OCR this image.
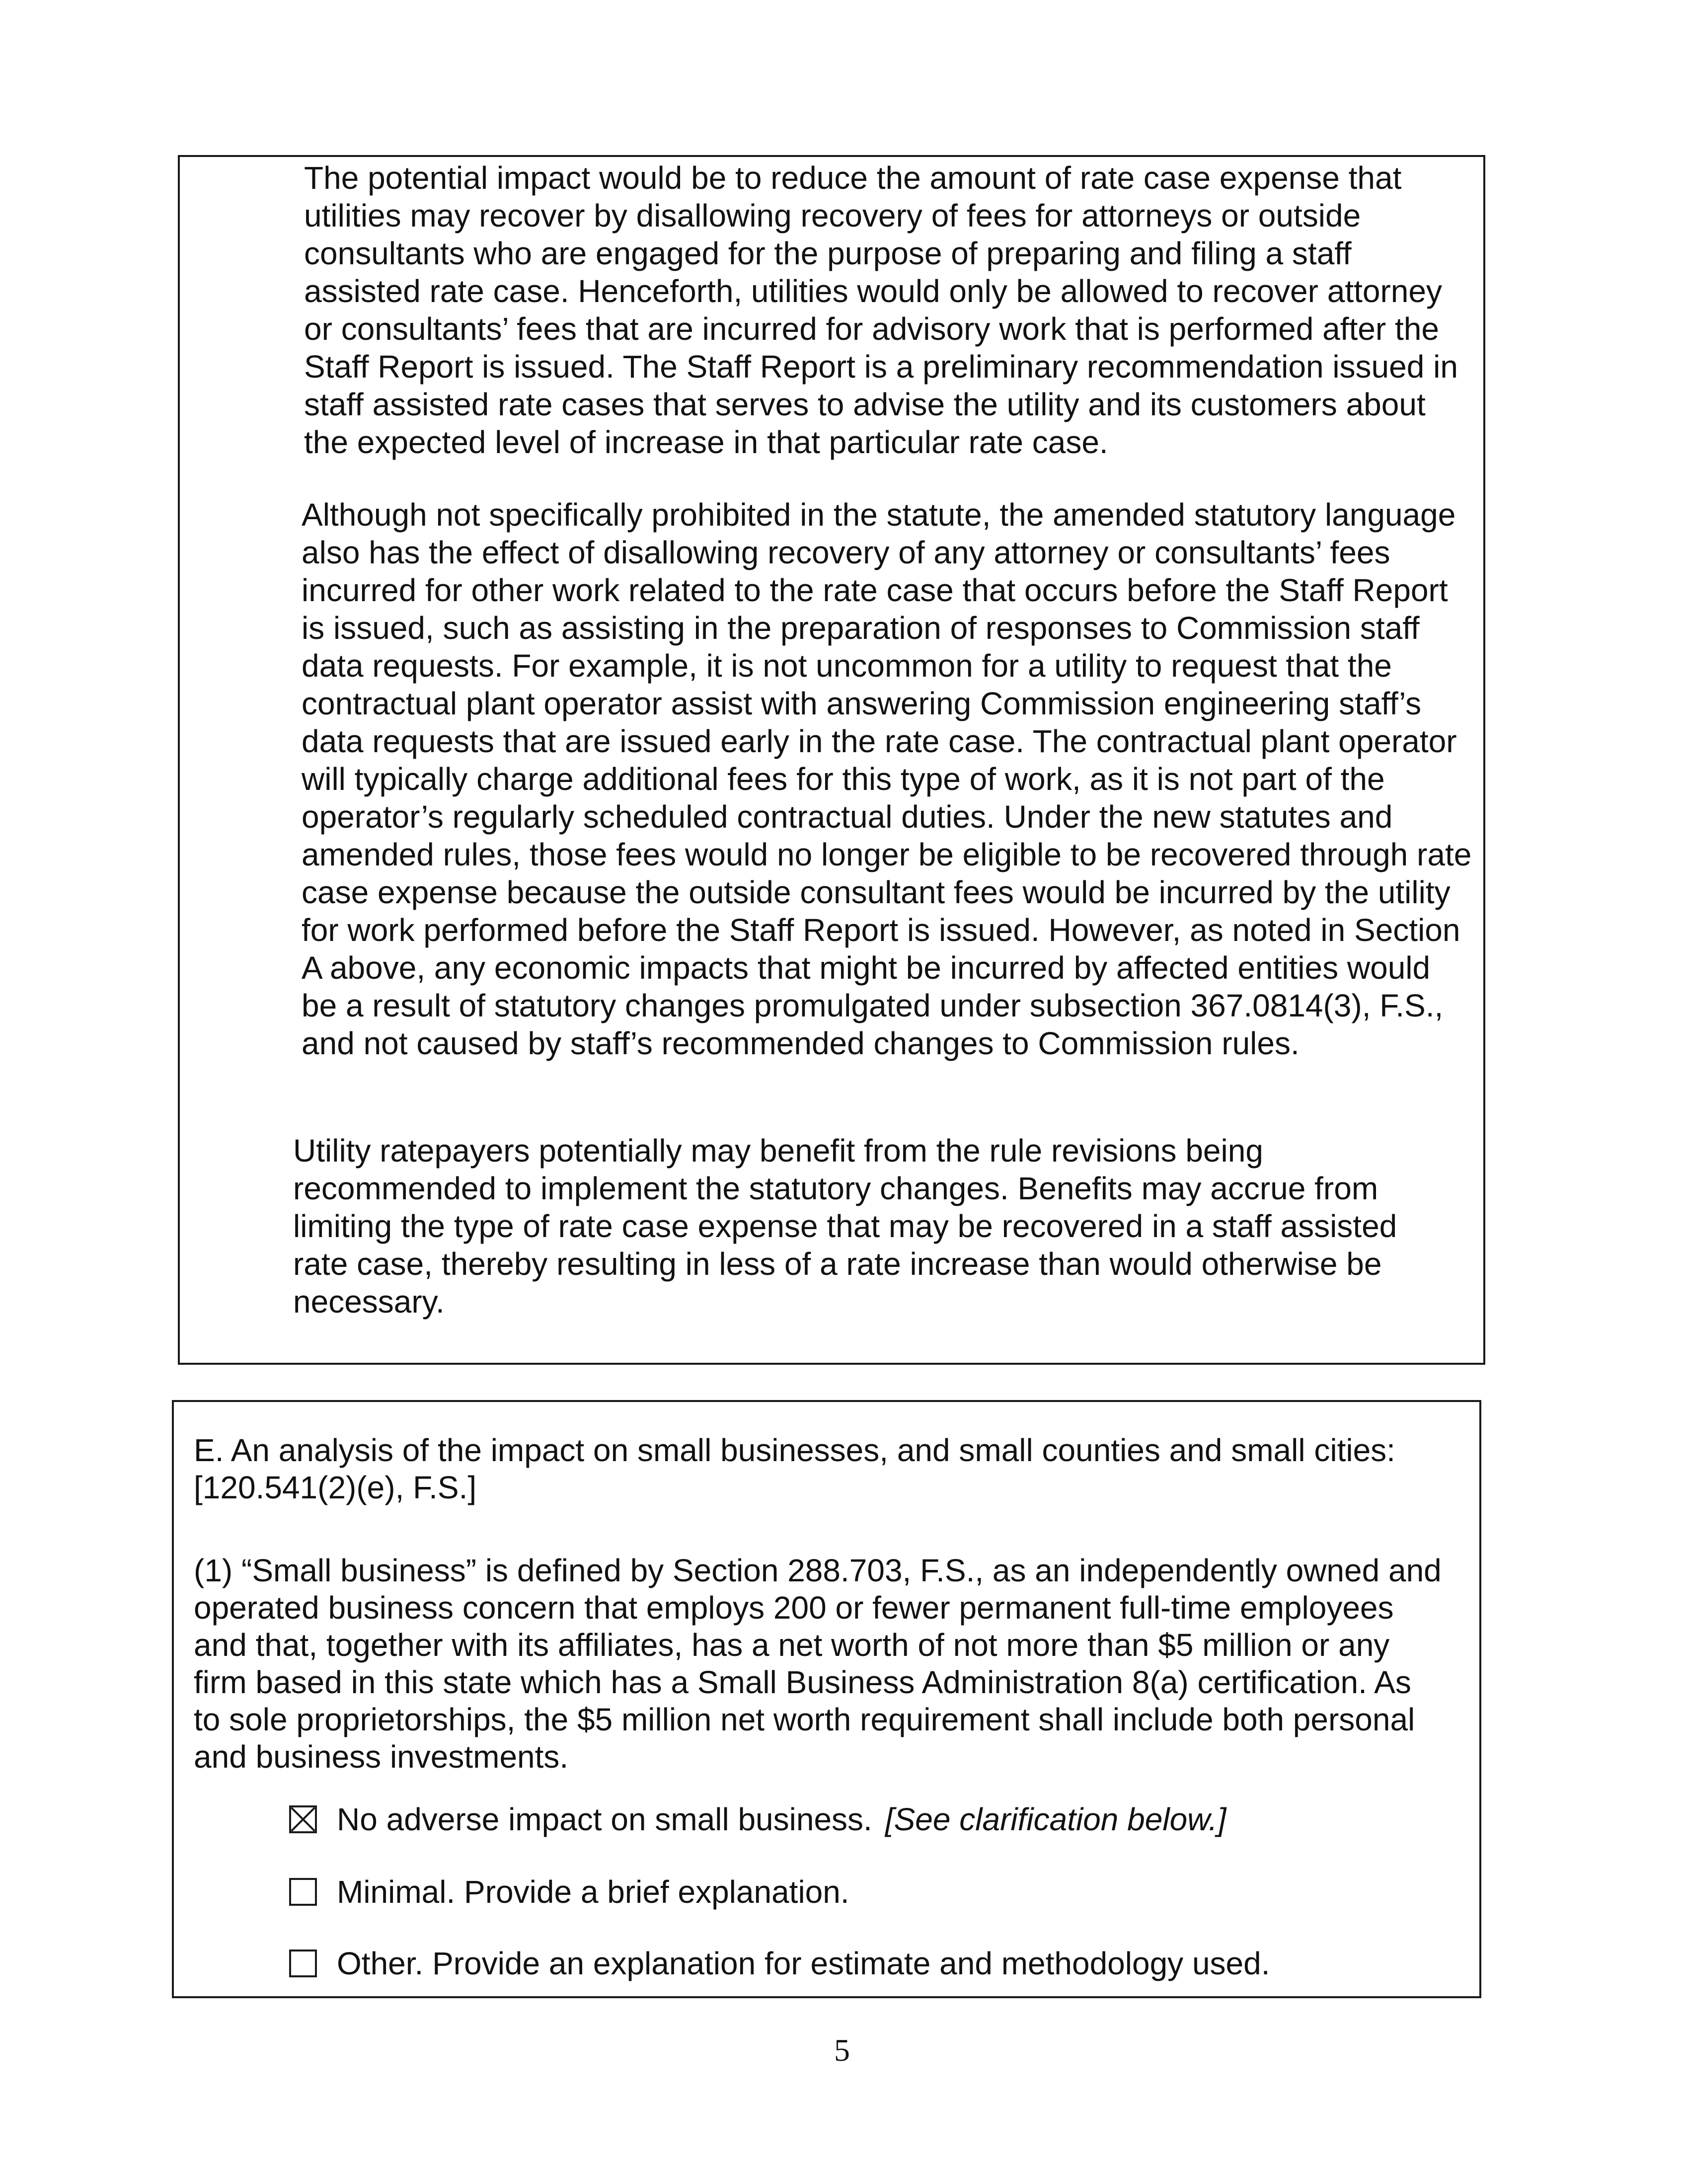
The potential impact would be to reduce the amount of rate case expense that utilities may recover by disallowing recovery of fees for attorneys or outside consultants who are engaged for the purpose of preparing and filing a staff assisted rate case. Henceforth, utilities would only be allowed to recover attorney or consultants’ fees that are incurred for advisory work that is performed after the Staff Report is issued. The Staff Report is a preliminary recommendation issued in staff assisted rate cases that serves to advise the utility and its customers about the expected level of increase in that particular rate case.

Although not specifically prohibited in the statute, the amended statutory language also has the effect of disallowing recovery of any attorney or consultants’ fees incurred for other work related to the rate case that occurs before the Staff Report is issued, such as assisting in the preparation of responses to Commission staff data requests. For example, it is not uncommon for a utility to request that the contractual plant operator assist with answering Commission engineering staff’s data requests that are issued early in the rate case. The contractual plant operator will typically charge additional fees for this type of work, as it is not part of the operator’s regularly scheduled contractual duties. Under the new statutes and amended rules, those fees would no longer be eligible to be recovered through rate case expense because the outside consultant fees would be incurred by the utility for work performed before the Staff Report is issued. However, as noted in Section A above, any economic impacts that might be incurred by affected entities would be a result of statutory changes promulgated under subsection 367.0814(3), F.S., and not caused by staff’s recommended changes to Commission rules.

Utility ratepayers potentially may benefit from the rule revisions being recommended to implement the statutory changes. Benefits may accrue from limiting the type of rate case expense that may be recovered in a staff assisted rate case, thereby resulting in less of a rate increase than would otherwise be necessary.

E. An analysis of the impact on small businesses, and small counties and small cities: [120.541(2)(e), F.S.]

(1) “Small business” is defined by Section 288.703, F.S., as an independently owned and operated business concern that employs 200 or fewer permanent full-time employees and that, together with its affiliates, has a net worth of not more than $5 million or any firm based in this state which has a Small Business Administration 8(a) certification. As to sole proprietorships, the $5 million net worth requirement shall include both personal and business investments.

No adverse impact on small business. [See clarification below.]
Minimal. Provide a brief explanation.
Other. Provide an explanation for estimate and methodology used.
5
